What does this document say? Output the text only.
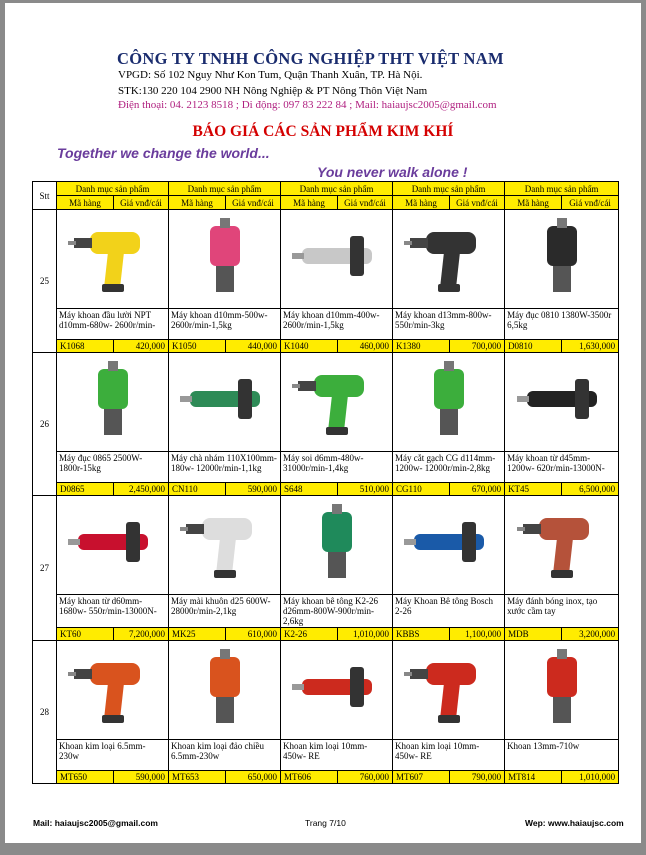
CÔNG TY TNHH CÔNG NGHIỆP THT VIỆT NAM
VPGD: Số 102 Nguy Như Kon Tum, Quận Thanh Xuân, TP. Hà Nội.
STK:130 220 104 2900 NH Nông Nghiệp & PT Nông Thôn Việt Nam
Điện thoại: 04. 2123 8518 ; Di động: 097 83 222 84 ; Mail: haiaujsc2005@gmail.com
BÁO GIÁ CÁC SẢN PHẨM KIM KHÍ
Together we change the world...
You never walk alone !
Stt	Danh mục sản phẩm		Danh mục sản phẩm		Danh mục sản phẩm		Danh mục sản phẩm		Danh mục sản phẩm	
	Mã hàng	Giá vnđ/cái	Mã hàng	Giá vnđ/cái	Mã hàng	Giá vnđ/cái	Mã hàng	Giá vnđ/cái	Mã hàng	Giá vnđ/cái
25	

	Máy khoan đầu lười NPT d10mm-680w- 2600r/min-		Máy khoan d10mm-500w- 2600r/min-1,5kg		Máy khoan d10mm-400w- 2600r/min-1,5kg		Máy khoan d13mm-800w- 550r/min-3kg		Máy đục 0810 1380W-3500r 6,5kg	
	K1068	420,000	K1050	440,000	K1040	460,000	K1380	700,000	D0810	1,630,000
26	

	Máy đục 0865 2500W- 1800r-15kg		Máy chà nhám 110X100mm- 180w- 12000r/min-1,1kg		Máy soi d6mm-480w- 31000r/min-1,4kg		Máy cắt gạch CG d114mm- 1200w- 12000r/min-2,8kg		Máy khoan từ d45mm- 1200w- 620r/min-13000N-	
	D0865	2,450,000	CN110	590,000	S648	510,000	CG110	670,000	KT45	6,500,000
27	

	Máy khoan từ d60mm- 1680w- 550r/min-13000N-		Máy mài khuôn d25 600W- 28000r/min-2,1kg		Máy khoan bê tông K2-26 d26mm-800W-900r/min-2,6kg		Máy Khoan Bê tông Bosch 2-26		Máy đánh bóng inox, tạo xước cầm tay	
	KT60	7,200,000	MK25	610,000	K2-26	1,010,000	KBBS	1,100,000	MDB	3,200,000
28	

	Khoan kim loại 6.5mm- 230w		Khoan kim loại đảo chiều 6.5mm-230w		Khoan kim loại 10mm-450w- RE		Khoan kim loại 10mm-450w- RE		Khoan 13mm-710w	
	MT650	590,000	MT653	650,000	MT606	760,000	MT607	790,000	MT814	1,010,000
Mail: haiaujsc2005@gmail.com	Trang 7/10	Wep: www.haiaujsc.com
